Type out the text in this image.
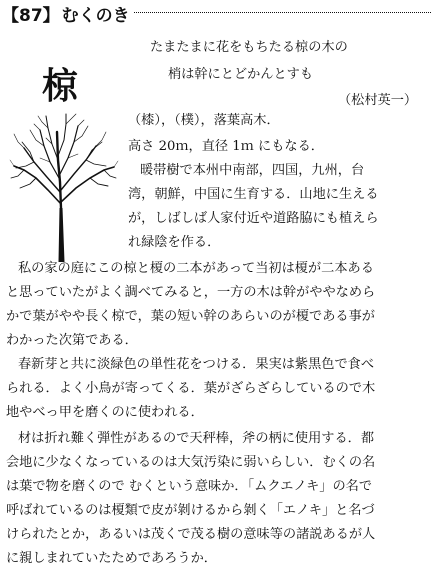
【87】 むくのき
椋
たまたまに花をもちたる椋の木の
梢は幹にとどかんとすも
（松村英一）
（㯃），（樸），落葉高木．
高さ 20ｍ，直径 1ｍ にもなる．
暖帯樹で本州中南部，四国，九州，台
湾，朝鮮，中国に生育する．山地に生える
が，しばしば人家付近や道路脇にも植えら
れ緑陰を作る．
私の家の庭にこの椋と榎の二本があって当初は榎が二本ある
と思っていたがよく調べてみると，一方の木は幹がややなめら
かで葉がやや長く椋で，葉の短い幹のあらいのが榎である事が
わかった次第である．
春新芽と共に淡緑色の単性花をつける．果実は紫黒色で食べ
られる．よく小鳥が寄ってくる．葉がざらざらしているので木
地やべっ甲を磨くのに使われる．
材は折れ難く弾性があるので天秤棒，斧の柄に使用する．都
会地に少なくなっているのは大気汚染に弱いらしい．むくの名
は葉で物を磨くので むくという意味か．「ムクエノキ」の名で
呼ばれているのは榎類で皮が剝けるから剝く「エノキ」と名づ
けられたとか，あるいは茂くで茂る樹の意味等の諸説あるが人
に親しまれていたためであろうか．
